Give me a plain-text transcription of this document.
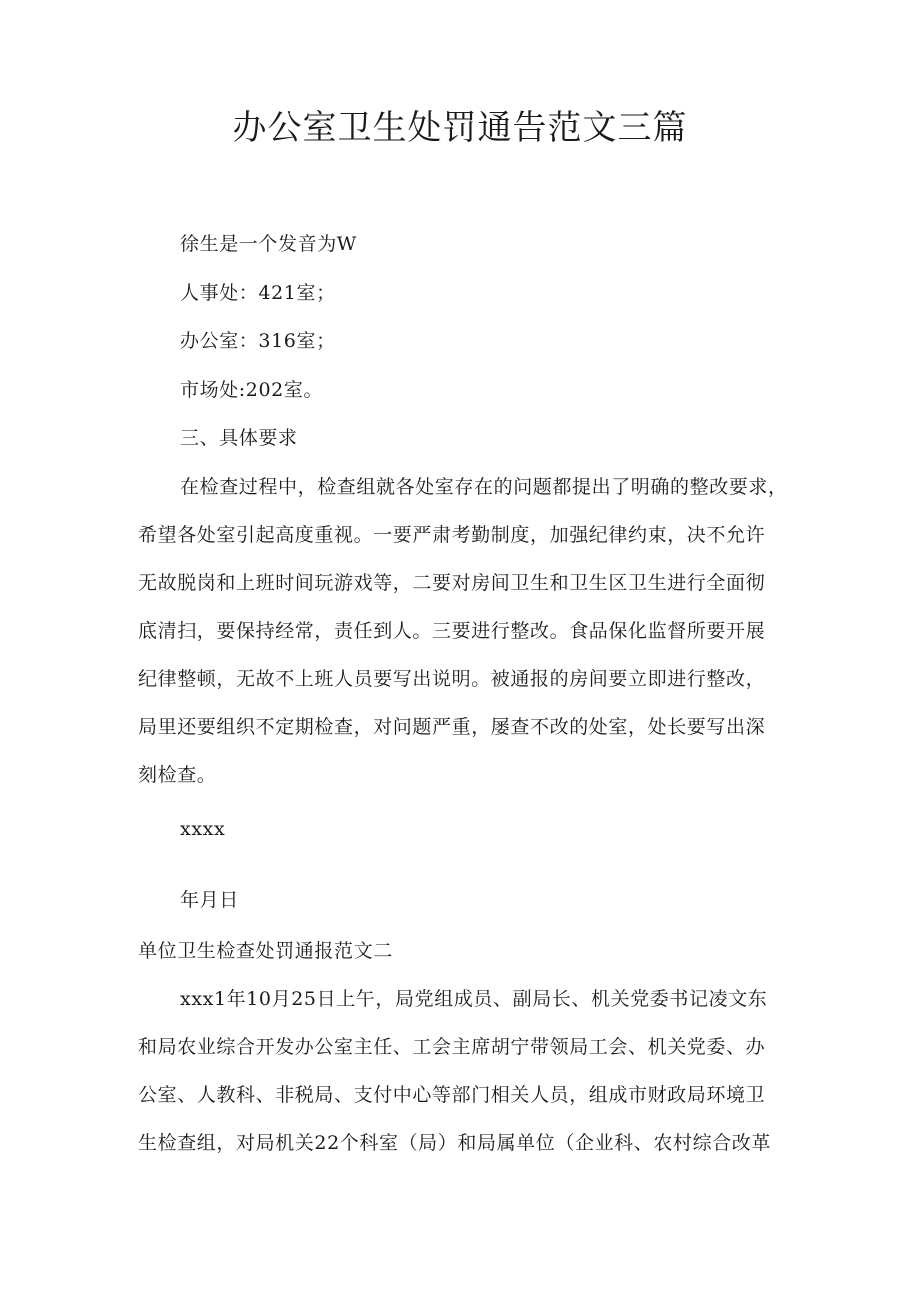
办公室卫生处罚通告范文三篇
徐生是一个发音为W
人事处：421室；
办公室：316室；
市场处:202室。
三、具体要求
在检查过程中，检查组就各处室存在的问题都提出了明确的整改要求，
希望各处室引起高度重视。一要严肃考勤制度，加强纪律约束，决不允许
无故脱岗和上班时间玩游戏等，二要对房间卫生和卫生区卫生进行全面彻
底清扫，要保持经常，责任到人。三要进行整改。食品保化监督所要开展
纪律整顿，无故不上班人员要写出说明。被通报的房间要立即进行整改，
局里还要组织不定期检查，对问题严重，屡查不改的处室，处长要写出深
刻检查。
xxxx
年月日
单位卫生检查处罚通报范文二
xxx1年10月25日上午，局党组成员、副局长、机关党委书记凌文东
和局农业综合开发办公室主任、工会主席胡宁带领局工会、机关党委、办
公室、人教科、非税局、支付中心等部门相关人员，组成市财政局环境卫
生检查组，对局机关22个科室（局）和局属单位（企业科、农村综合改革
